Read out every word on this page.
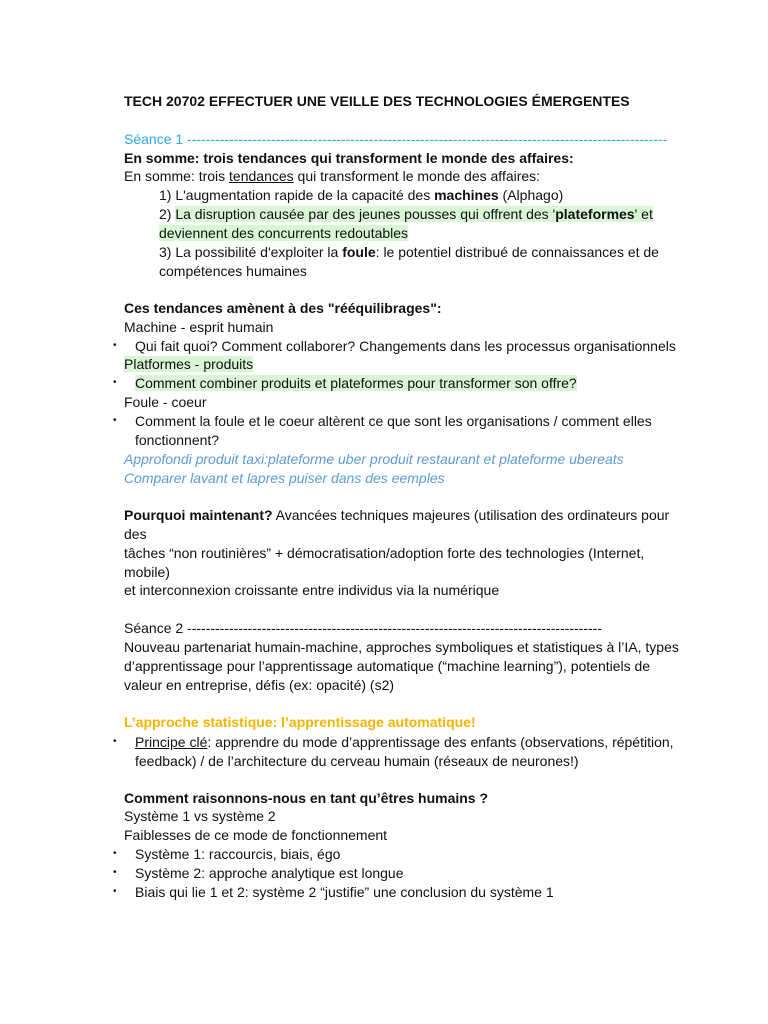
TECH 20702 EFFECTUER UNE VEILLE DES TECHNOLOGIES ÉMERGENTES
Séance 1 -------------------------------------------------------------------------------------------------------
En somme: trois tendances qui transforment le monde des affaires:
En somme: trois tendances qui transforment le monde des affaires:
1) L'augmentation rapide de la capacité des machines (Alphago)
2) La disruption causée par des jeunes pousses qui offrent des 'plateformes' et
deviennent des concurrents redoutables
3) La possibilité d'exploiter la foule: le potentiel distribué de connaissances et de
compétences humaines
Ces tendances amènent à des "rééquilibrages":
Machine - esprit humain
• Qui fait quoi? Comment collaborer? Changements dans les processus organisationnels
Platformes - produits
• Comment combiner produits et plateformes pour transformer son offre?
Foule - coeur
• Comment la foule et le coeur altèrent ce que sont les organisations / comment elles
fonctionnent?
Approfondi produit taxi:plateforme uber produit restaurant et plateforme ubereats
Comparer lavant et lapres puiser dans des eemples
Pourquoi maintenant? Avancées techniques majeures (utilisation des ordinateurs pour
des
tâches “non routinières” + démocratisation/adoption forte des technologies (Internet,
mobile)
et interconnexion croissante entre individus via la numérique
Séance 2 -----------------------------------------------------------------------------------------
Nouveau partenariat humain-machine, approches symboliques et statistiques à l’IA, types
d’apprentissage pour l’apprentissage automatique (“machine learning”), potentiels de
valeur en entreprise, défis (ex: opacité) (s2)
L’approche statistique: l’apprentissage automatique!
• Principe clé: apprendre du mode d’apprentissage des enfants (observations, répétition,
feedback) / de l’architecture du cerveau humain (réseaux de neurones!)
Comment raisonnons-nous en tant qu’êtres humains ?
Système 1 vs système 2
Faiblesses de ce mode de fonctionnement
• Système 1: raccourcis, biais, égo
• Système 2: approche analytique est longue
• Biais qui lie 1 et 2: système 2 “justifie” une conclusion du système 1
